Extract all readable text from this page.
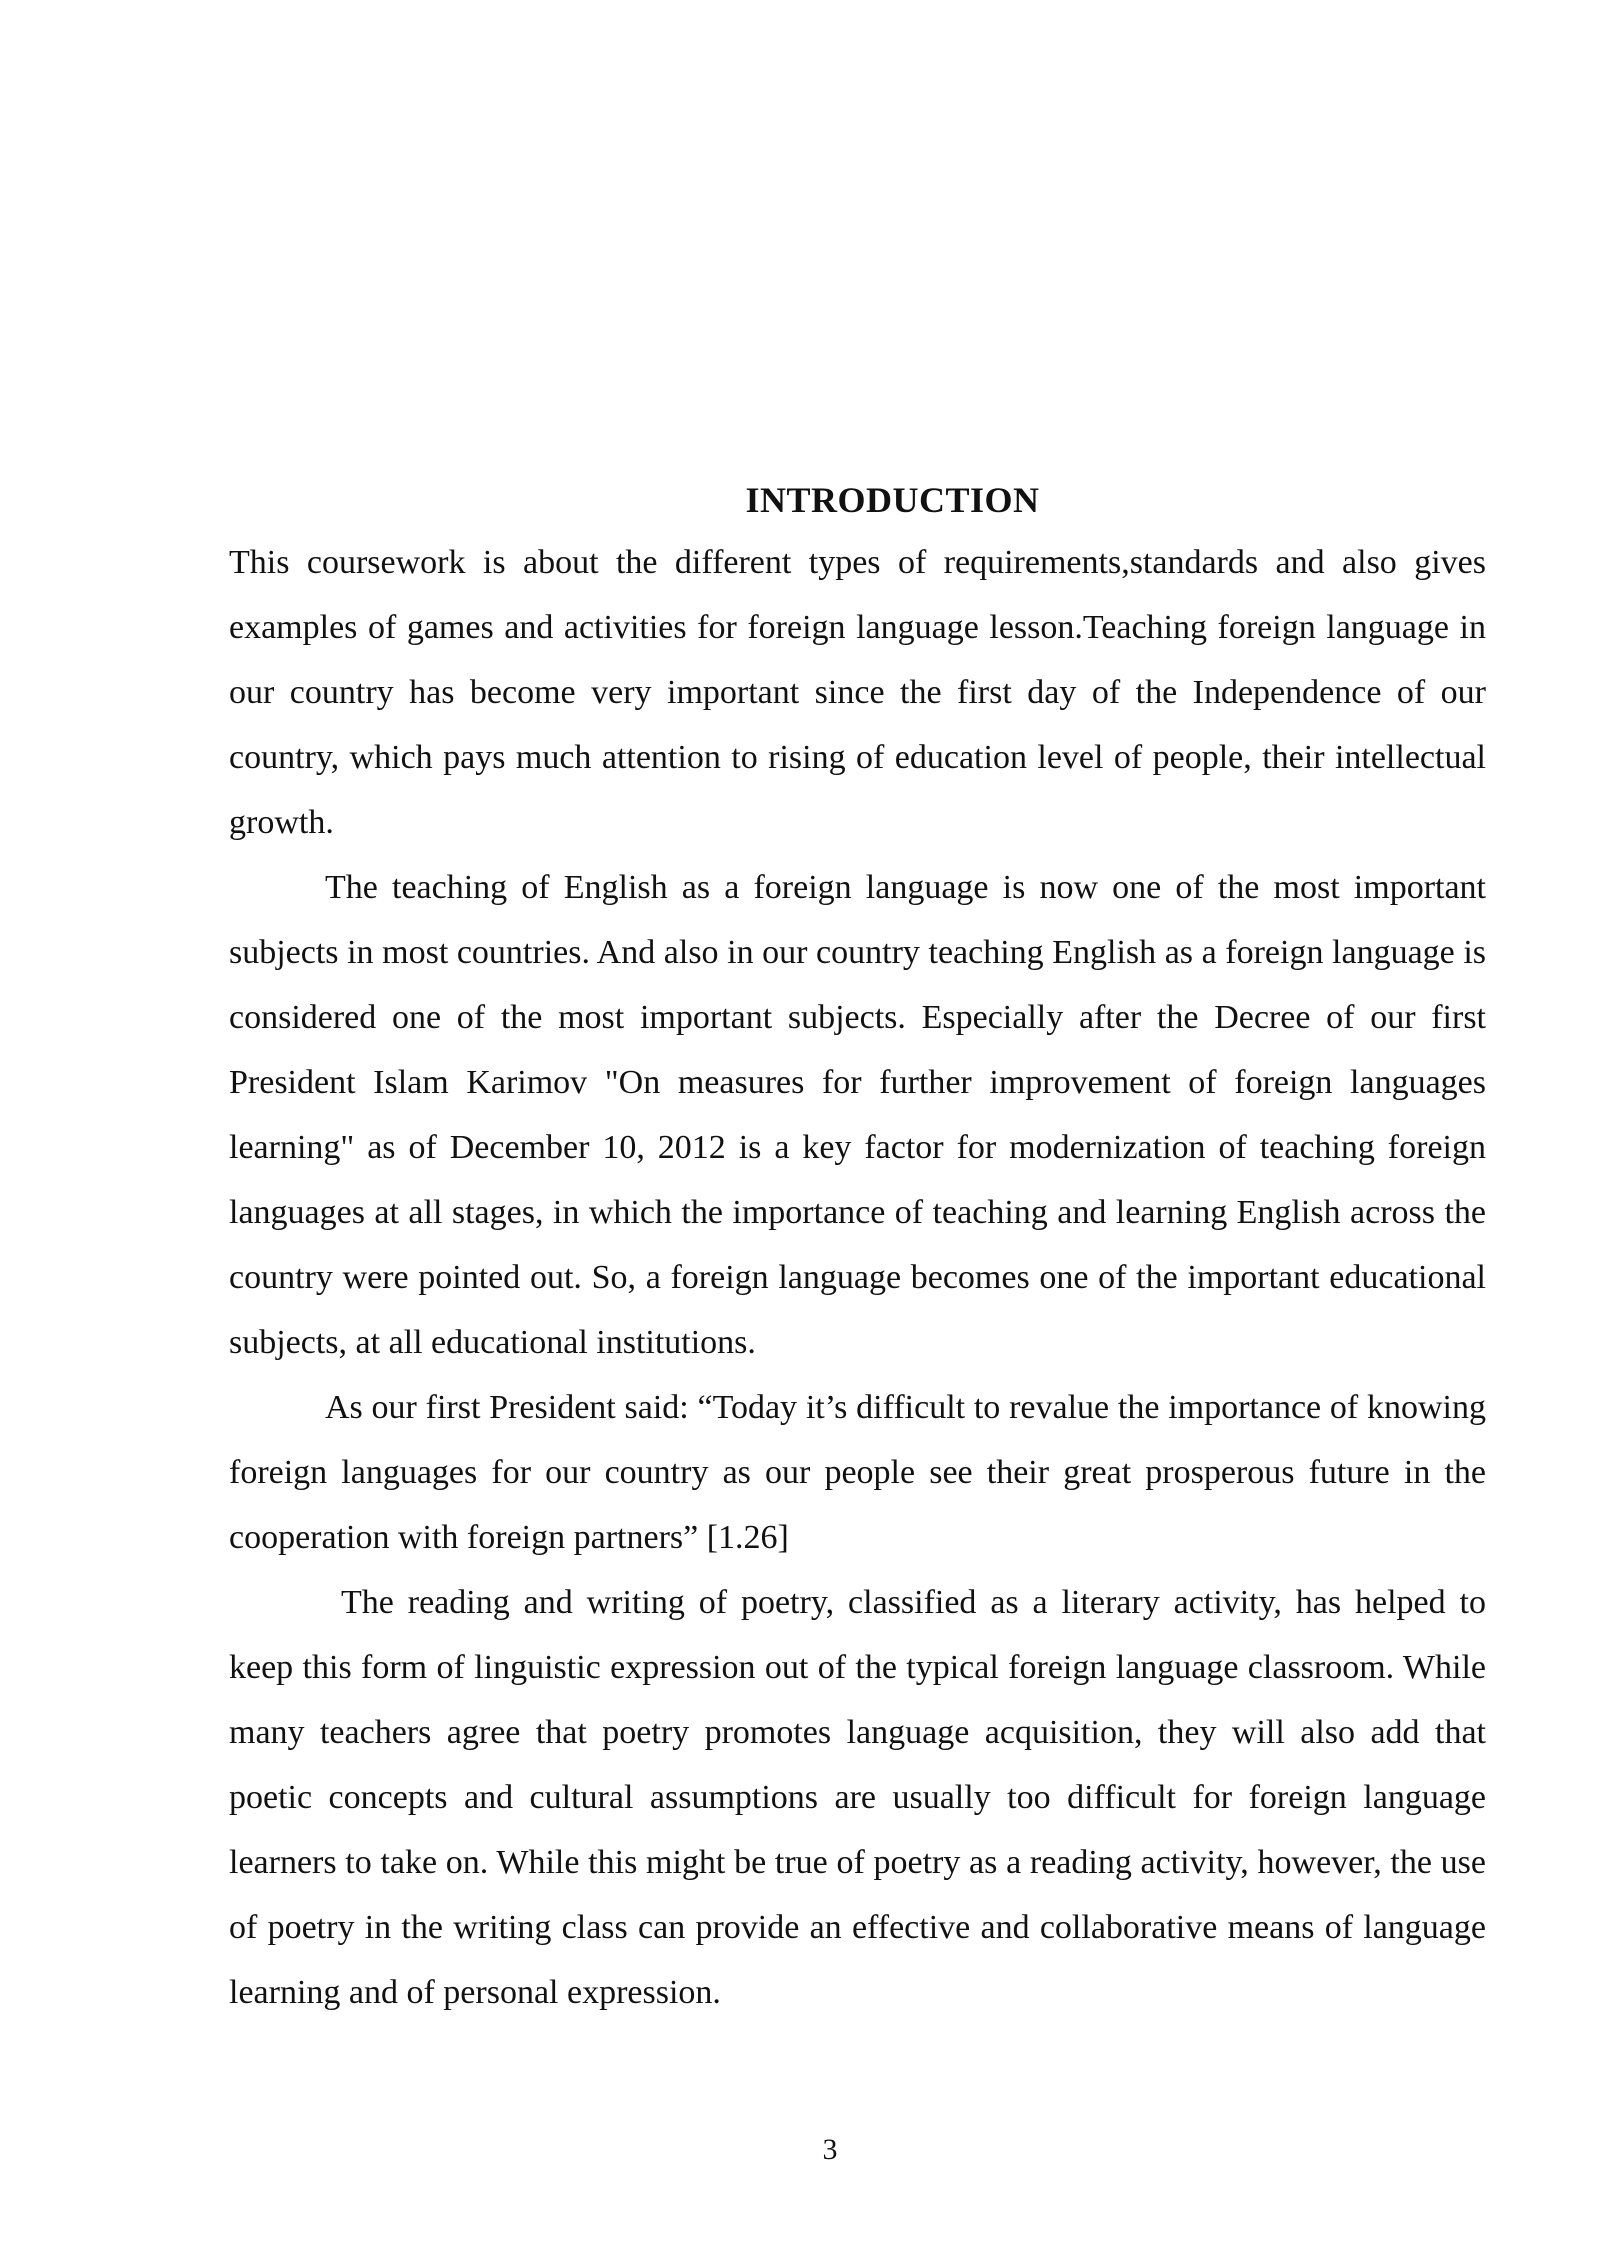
INTRODUCTION

This coursework is about the different types of requirements,standards and also gives examples of games and activities for foreign language lesson.Teaching foreign language in our country has become very important since the first day of the Independence of our country, which pays much attention to rising of education level of people, their intellectual growth.

The teaching of English as a foreign language is now one of the most important subjects in most countries. And also in our country teaching English as a foreign language is considered one of the most important subjects. Especially after the Decree of our first President Islam Karimov "On measures for further improvement of foreign languages learning" as of December 10, 2012 is a key factor for modernization of teaching foreign languages at all stages, in which the importance of teaching and learning English across the country were pointed out. So, a foreign language becomes one of the important educational subjects, at all educational institutions.

As our first President said: “Today it’s difficult to revalue the importance of knowing foreign languages for our country as our people see their great prosperous future in the cooperation with foreign partners” [1.26]

The reading and writing of poetry, classified as a literary activity, has helped to keep this form of linguistic expression out of the typical foreign language classroom. While many teachers agree that poetry promotes language acquisition, they will also add that poetic concepts and cultural assumptions are usually too difficult for foreign language learners to take on. While this might be true of poetry as a reading activity, however, the use of poetry in the writing class can provide an effective and collaborative means of language learning and of personal expression.

3
